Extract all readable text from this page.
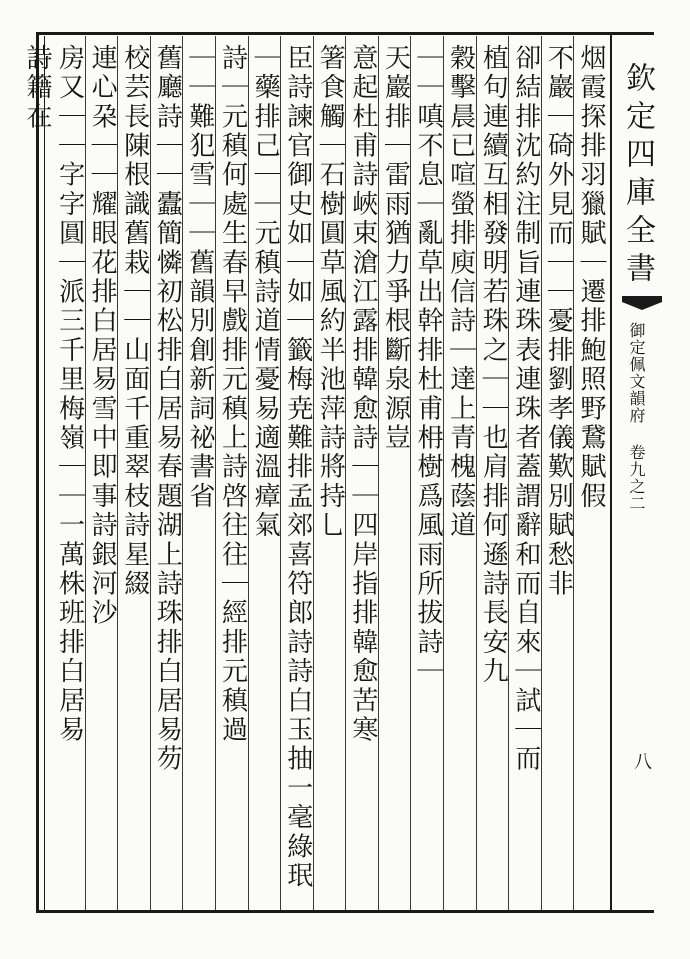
欽定四庫全書
御定佩文韻府 卷九之二
八
烟霞探排羽獵賦｜遷排鮑照野鵞賦假
不巖｜碕外見而｜｜憂排劉孝儀歎別賦愁非
卻結排沈約注制旨連珠表連珠者蓋謂辭和而自來｜試｜而
植句連續互相發明若珠之｜｜也肩排何遜詩長安九
穀擊晨已喧螢排庾信詩｜達上青槐蔭道
｜｜嗔不息｜亂草出幹排杜甫枏樹爲風雨所拔詩｜
天巖排｜雷雨猶力爭根斷泉源豈
意起杜甫詩峽束滄江露排韓愈詩｜｜四岸指排韓愈苦寒
箸食觸｜石樹圓草風約半池萍詩將持乚
臣詩諫官御史如｜如｜籤梅尭難排孟郊喜符郎詩詩白玉抽一毫綠珉
｜藥排己｜｜元稹詩道情憂易適溫瘴氣
詩｜元稹何處生春早戲排元稹上詩啓往往｜經排元稹過
｜｜難犯雪｜｜舊韻別創新詞祕書省
舊廳詩｜｜蠹簡憐初松排白居易春題湖上詩珠排白居易芴
校芸長陳根識舊栽｜｜山面千重翠枝詩星綴
連心朶｜｜耀眼花排白居易雪中即事詩銀河沙
房又｜｜字字圓｜派三千里梅嶺｜｜一萬株班排白居易
詩籍在
